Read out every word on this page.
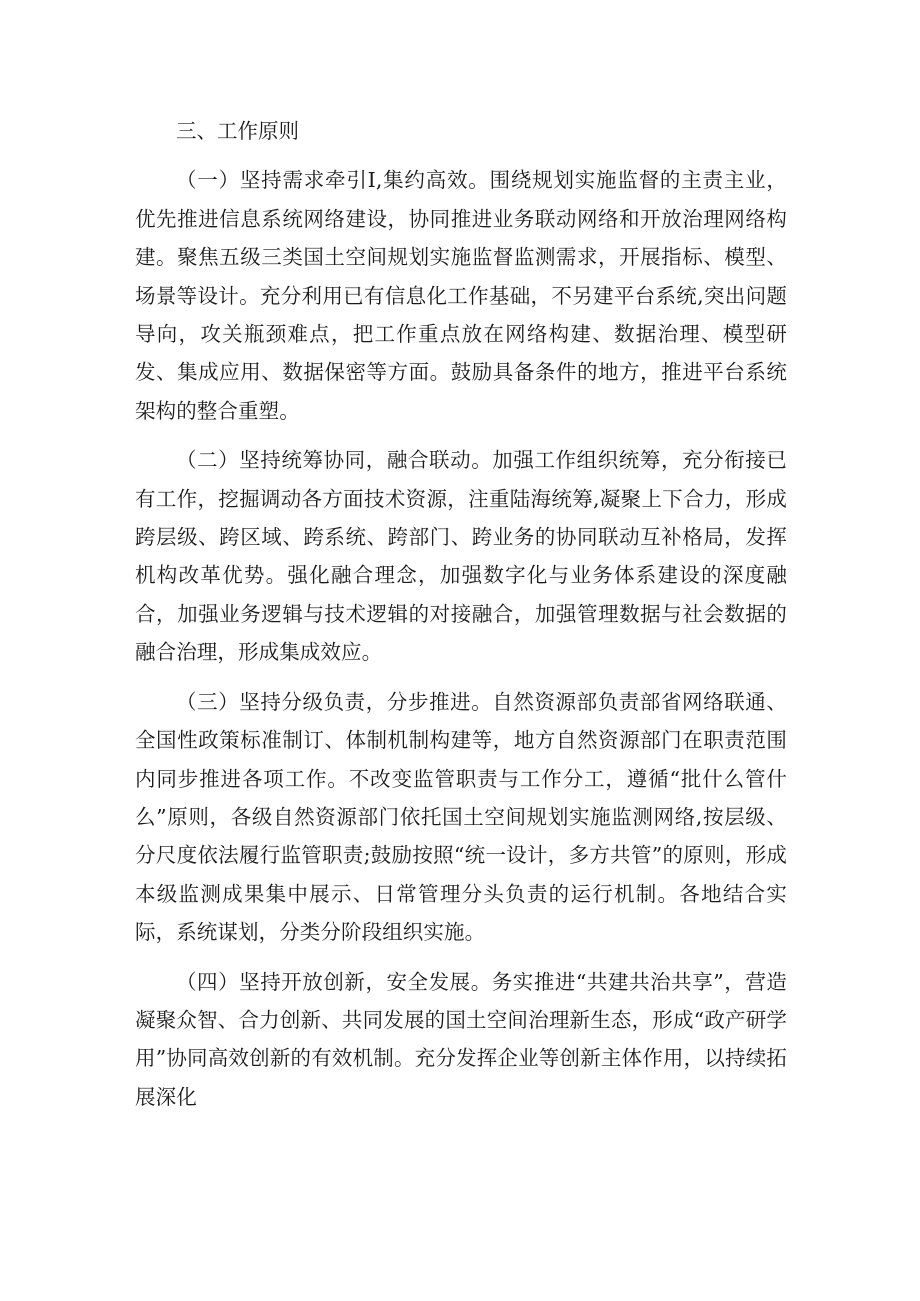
三、工作原则

（一）坚持需求牵引I,集约高效。围绕规划实施监督的主责主业，优先推进信息系统网络建设，协同推进业务联动网络和开放治理网络构建。聚焦五级三类国土空间规划实施监督监测需求，开展指标、模型、场景等设计。充分利用已有信息化工作基础，不另建平台系统,突出问题导向，攻关瓶颈难点，把工作重点放在网络构建、数据治理、模型研发、集成应用、数据保密等方面。鼓励具备条件的地方，推进平台系统架构的整合重塑。

（二）坚持统筹协同，融合联动。加强工作组织统筹，充分衔接已有工作，挖掘调动各方面技术资源，注重陆海统筹,凝聚上下合力，形成跨层级、跨区域、跨系统、跨部门、跨业务的协同联动互补格局，发挥机构改革优势。强化融合理念，加强数字化与业务体系建设的深度融合，加强业务逻辑与技术逻辑的对接融合，加强管理数据与社会数据的融合治理，形成集成效应。

（三）坚持分级负责，分步推进。自然资源部负责部省网络联通、全国性政策标准制订、体制机制构建等，地方自然资源部门在职责范围内同步推进各项工作。不改变监管职责与工作分工，遵循“批什么管什么”原则，各级自然资源部门依托国土空间规划实施监测网络,按层级、分尺度依法履行监管职责;鼓励按照“统一设计，多方共管”的原则，形成本级监测成果集中展示、日常管理分头负责的运行机制。各地结合实际，系统谋划，分类分阶段组织实施。

（四）坚持开放创新，安全发展。务实推进“共建共治共享”，营造凝聚众智、合力创新、共同发展的国土空间治理新生态，形成“政产研学用”协同高效创新的有效机制。充分发挥企业等创新主体作用，以持续拓展深化
